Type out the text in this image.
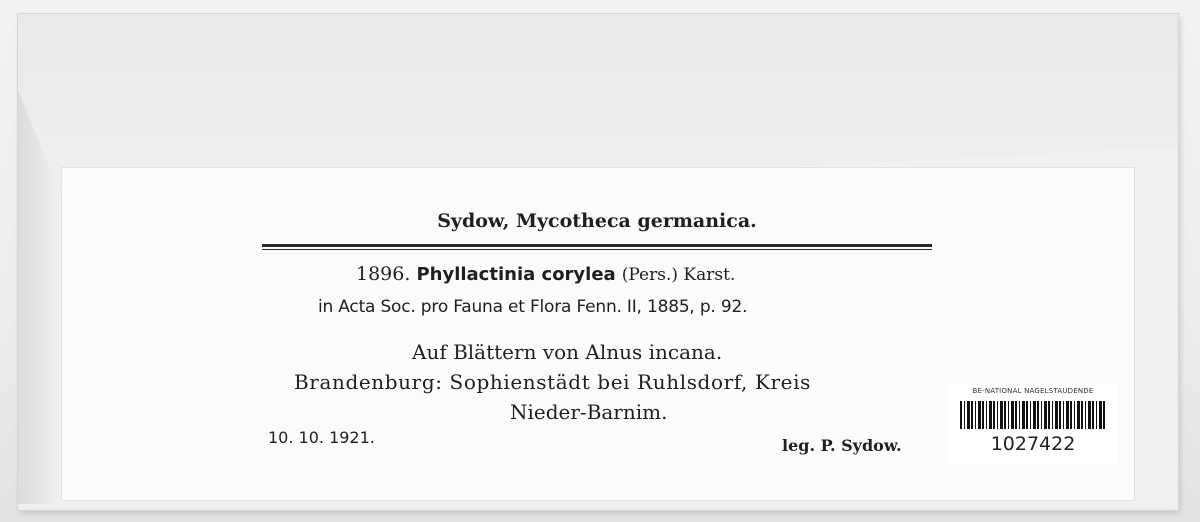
Sydow, Mycotheca germanica.
1896. Phyllactinia corylea (Pers.) Karst.
in Acta Soc. pro Fauna et Flora Fenn. II, 1885, p. 92.
Auf Blättern von Alnus incana.
Brandenburg: Sophienstädt bei Ruhlsdorf, Kreis
Nieder-Barnim.
10. 10. 1921.	leg. P. Sydow.
BE-NATIONAL NAGELSTAUDENDE
1027422
